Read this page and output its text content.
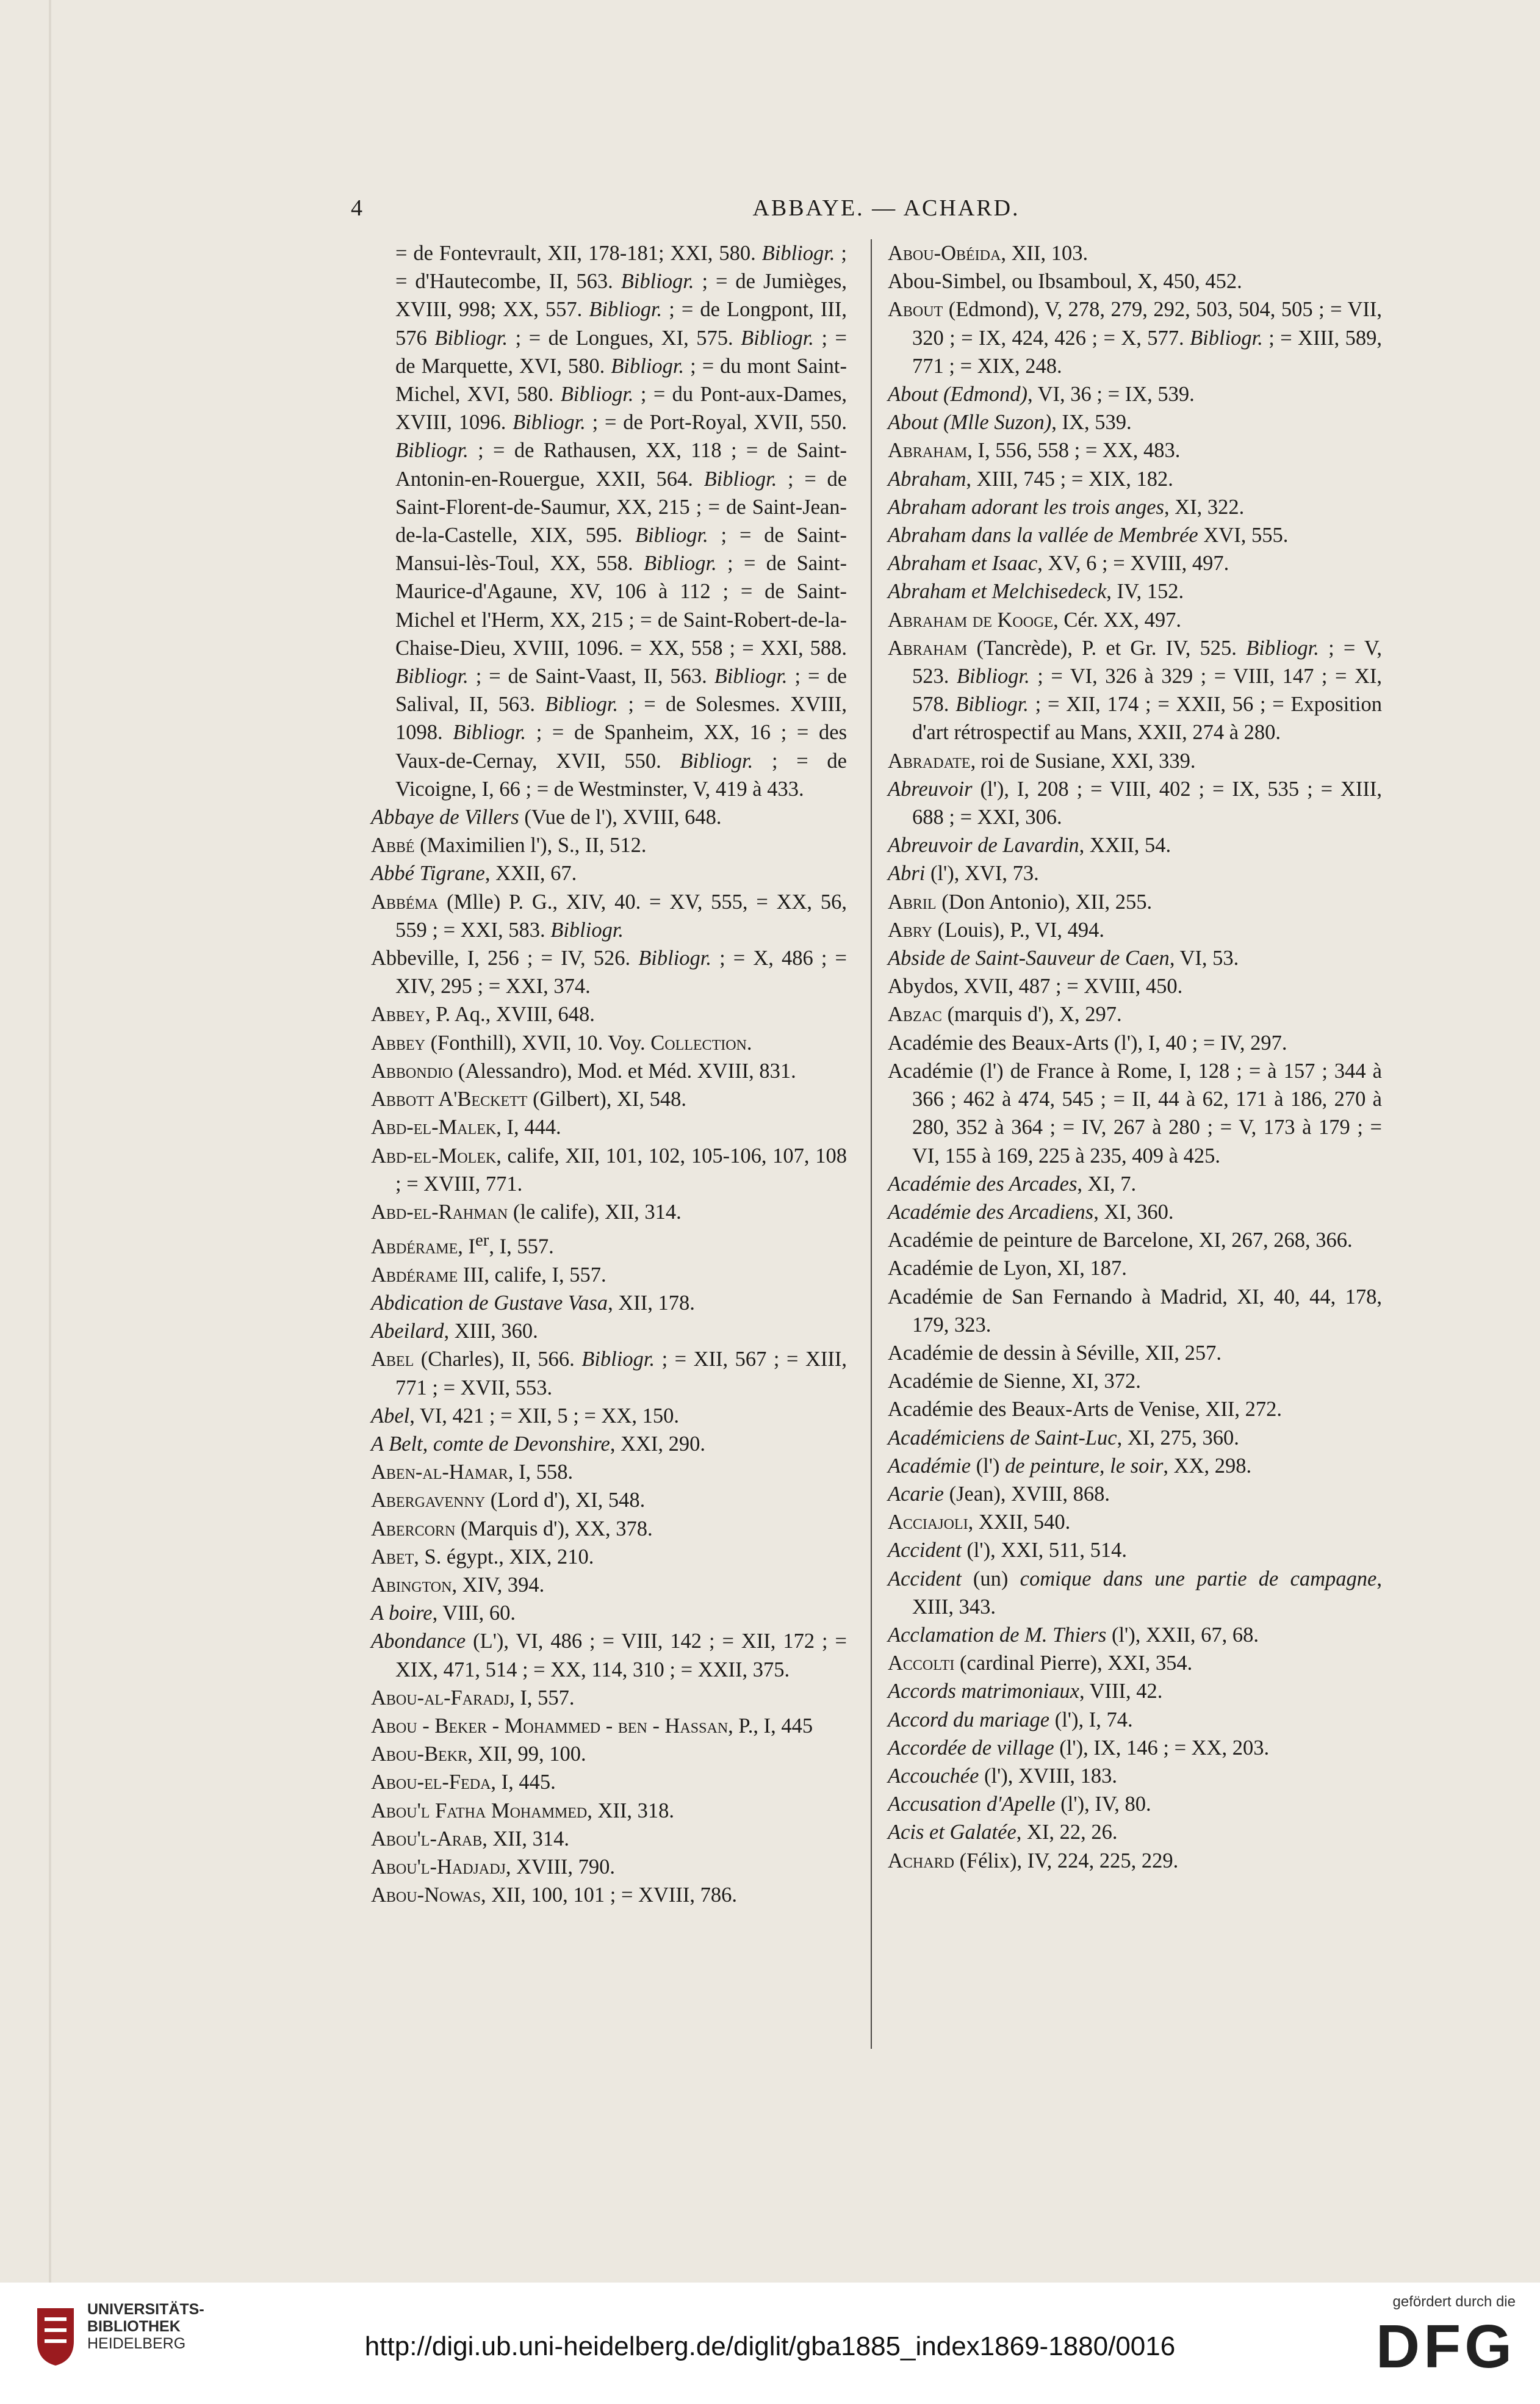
4	ABBAYE. — ACHARD.
= de Fontevrault, XII, 178-181; XXI, 580. Bibliogr. ; = d'Hautecombe, II, 563. Bibliogr. ; = de Jumièges, XVIII, 998; XX, 557. Bibliogr. ; = de Longpont, III, 576 Bibliogr. ; = de Longues, XI, 575. Bibliogr. ; = de Marquette, XVI, 580. Bibliogr. ; = du mont Saint-Michel, XVI, 580. Bibliogr. ; = du Pont-aux-Dames, XVIII, 1096. Bibliogr. ; = de Port-Royal, XVII, 550. Bibliogr. ; = de Rathausen, XX, 118 ; = de Saint-Antonin-en-Rouergue, XXII, 564. Bibliogr. ; = de Saint-Florent-de-Saumur, XX, 215 ; = de Saint-Jean-de-la-Castelle, XIX, 595. Bibliogr. ; = de Saint-Mansui-lès-Toul, XX, 558. Bibliogr. ; = de Saint-Maurice-d'Agaune, XV, 106 à 112 ; = de Saint-Michel et l'Herm, XX, 215 ; = de Saint-Robert-de-la-Chaise-Dieu, XVIII, 1096. = XX, 558 ; = XXI, 588. Bibliogr. ; = de Saint-Vaast, II, 563. Bibliogr. ; = de Salival, II, 563. Bibliogr. ; = de Solesmes. XVIII, 1098. Bibliogr. ; = de Spanheim, XX, 16 ; = des Vaux-de-Cernay, XVII, 550. Bibliogr. ; = de Vicoigne, I, 66 ; = de Westminster, V, 419 à 433.
Abbaye de Villers (Vue de l'), XVIII, 648.
Abbé (Maximilien l'), S., II, 512.
Abbé Tigrane, XXII, 67.
Abbéma (Mlle) P. G., XIV, 40. = XV, 555, = XX, 56, 559 ; = XXI, 583. Bibliogr.
Abbeville, I, 256 ; = IV, 526. Bibliogr. ; = X, 486 ; = XIV, 295 ; = XXI, 374.
Abbey, P. Aq., XVIII, 648.
Abbey (Fonthill), XVII, 10. Voy. Collection.
Abbondio (Alessandro), Mod. et Méd. XVIII, 831.
Abbott A'Beckett (Gilbert), XI, 548.
Abd-el-Malek, I, 444.
Abd-el-Molek, calife, XII, 101, 102, 105-106, 107, 108 ; = XVIII, 771.
Abd-el-Rahman (le calife), XII, 314.
Abdérame, Ier, I, 557.
Abdérame III, calife, I, 557.
Abdication de Gustave Vasa, XII, 178.
Abeilard, XIII, 360.
Abel (Charles), II, 566. Bibliogr. ; = XII, 567 ; = XIII, 771 ; = XVII, 553.
Abel, VI, 421 ; = XII, 5 ; = XX, 150.
A Belt, comte de Devonshire, XXI, 290.
Aben-al-Hamar, I, 558.
Abergavenny (Lord d'), XI, 548.
Abercorn (Marquis d'), XX, 378.
Abet, S. égypt., XIX, 210.
Abington, XIV, 394.
A boire, VIII, 60.
Abondance (L'), VI, 486 ; = VIII, 142 ; = XII, 172 ; = XIX, 471, 514 ; = XX, 114, 310 ; = XXII, 375.
Abou-al-Faradj, I, 557.
Abou - Beker - Mohammed - ben - Hassan, P., I, 445
Abou-Bekr, XII, 99, 100.
Abou-el-Feda, I, 445.
Abou'l Fatha Mohammed, XII, 318.
Abou'l-Arab, XII, 314.
Abou'l-Hadjadj, XVIII, 790.
Abou-Nowas, XII, 100, 101 ; = XVIII, 786.
Abou-Obéida, XII, 103.
Abou-Simbel, ou Ibsamboul, X, 450, 452.
About (Edmond), V, 278, 279, 292, 503, 504, 505 ; = VII, 320 ; = IX, 424, 426 ; = X, 577. Bibliogr. ; = XIII, 589, 771 ; = XIX, 248.
About (Edmond), VI, 36 ; = IX, 539.
About (Mlle Suzon), IX, 539.
Abraham, I, 556, 558 ; = XX, 483.
Abraham, XIII, 745 ; = XIX, 182.
Abraham adorant les trois anges, XI, 322.
Abraham dans la vallée de Membrée XVI, 555.
Abraham et Isaac, XV, 6 ; = XVIII, 497.
Abraham et Melchisedeck, IV, 152.
Abraham de Kooge, Cér. XX, 497.
Abraham (Tancrède), P. et Gr. IV, 525. Bibliogr. ; = V, 523. Bibliogr. ; = VI, 326 à 329 ; = VIII, 147 ; = XI, 578. Bibliogr. ; = XII, 174 ; = XXII, 56 ; = Exposition d'art rétrospectif au Mans, XXII, 274 à 280.
Abradate, roi de Susiane, XXI, 339.
Abreuvoir (l'), I, 208 ; = VIII, 402 ; = IX, 535 ; = XIII, 688 ; = XXI, 306.
Abreuvoir de Lavardin, XXII, 54.
Abri (l'), XVI, 73.
Abril (Don Antonio), XII, 255.
Abry (Louis), P., VI, 494.
Abside de Saint-Sauveur de Caen, VI, 53.
Abydos, XVII, 487 ; = XVIII, 450.
Abzac (marquis d'), X, 297.
Académie des Beaux-Arts (l'), I, 40 ; = IV, 297.
Académie (l') de France à Rome, I, 128 ; = à 157 ; 344 à 366 ; 462 à 474, 545 ; = II, 44 à 62, 171 à 186, 270 à 280, 352 à 364 ; = IV, 267 à 280 ; = V, 173 à 179 ; = VI, 155 à 169, 225 à 235, 409 à 425.
Académie des Arcades, XI, 7.
Académie des Arcadiens, XI, 360.
Académie de peinture de Barcelone, XI, 267, 268, 366.
Académie de Lyon, XI, 187.
Académie de San Fernando à Madrid, XI, 40, 44, 178, 179, 323.
Académie de dessin à Séville, XII, 257.
Académie de Sienne, XI, 372.
Académie des Beaux-Arts de Venise, XII, 272.
Académiciens de Saint-Luc, XI, 275, 360.
Académie (l') de peinture, le soir, XX, 298.
Acarie (Jean), XVIII, 868.
Acciajoli, XXII, 540.
Accident (l'), XXI, 511, 514.
Accident (un) comique dans une partie de campagne, XIII, 343.
Acclamation de M. Thiers (l'), XXII, 67, 68.
Accolti (cardinal Pierre), XXI, 354.
Accords matrimoniaux, VIII, 42.
Accord du mariage (l'), I, 74.
Accordée de village (l'), IX, 146 ; = XX, 203.
Accouchée (l'), XVIII, 183.
Accusation d'Apelle (l'), IV, 80.
Acis et Galatée, XI, 22, 26.
Achard (Félix), IV, 224, 225, 229.
UNIVERSITÄTS-
BIBLIOTHEK
HEIDELBERG	http://digi.ub.uni-heidelberg.de/diglit/gba1885_index1869-1880/0016
gefördert durch die
DFG
